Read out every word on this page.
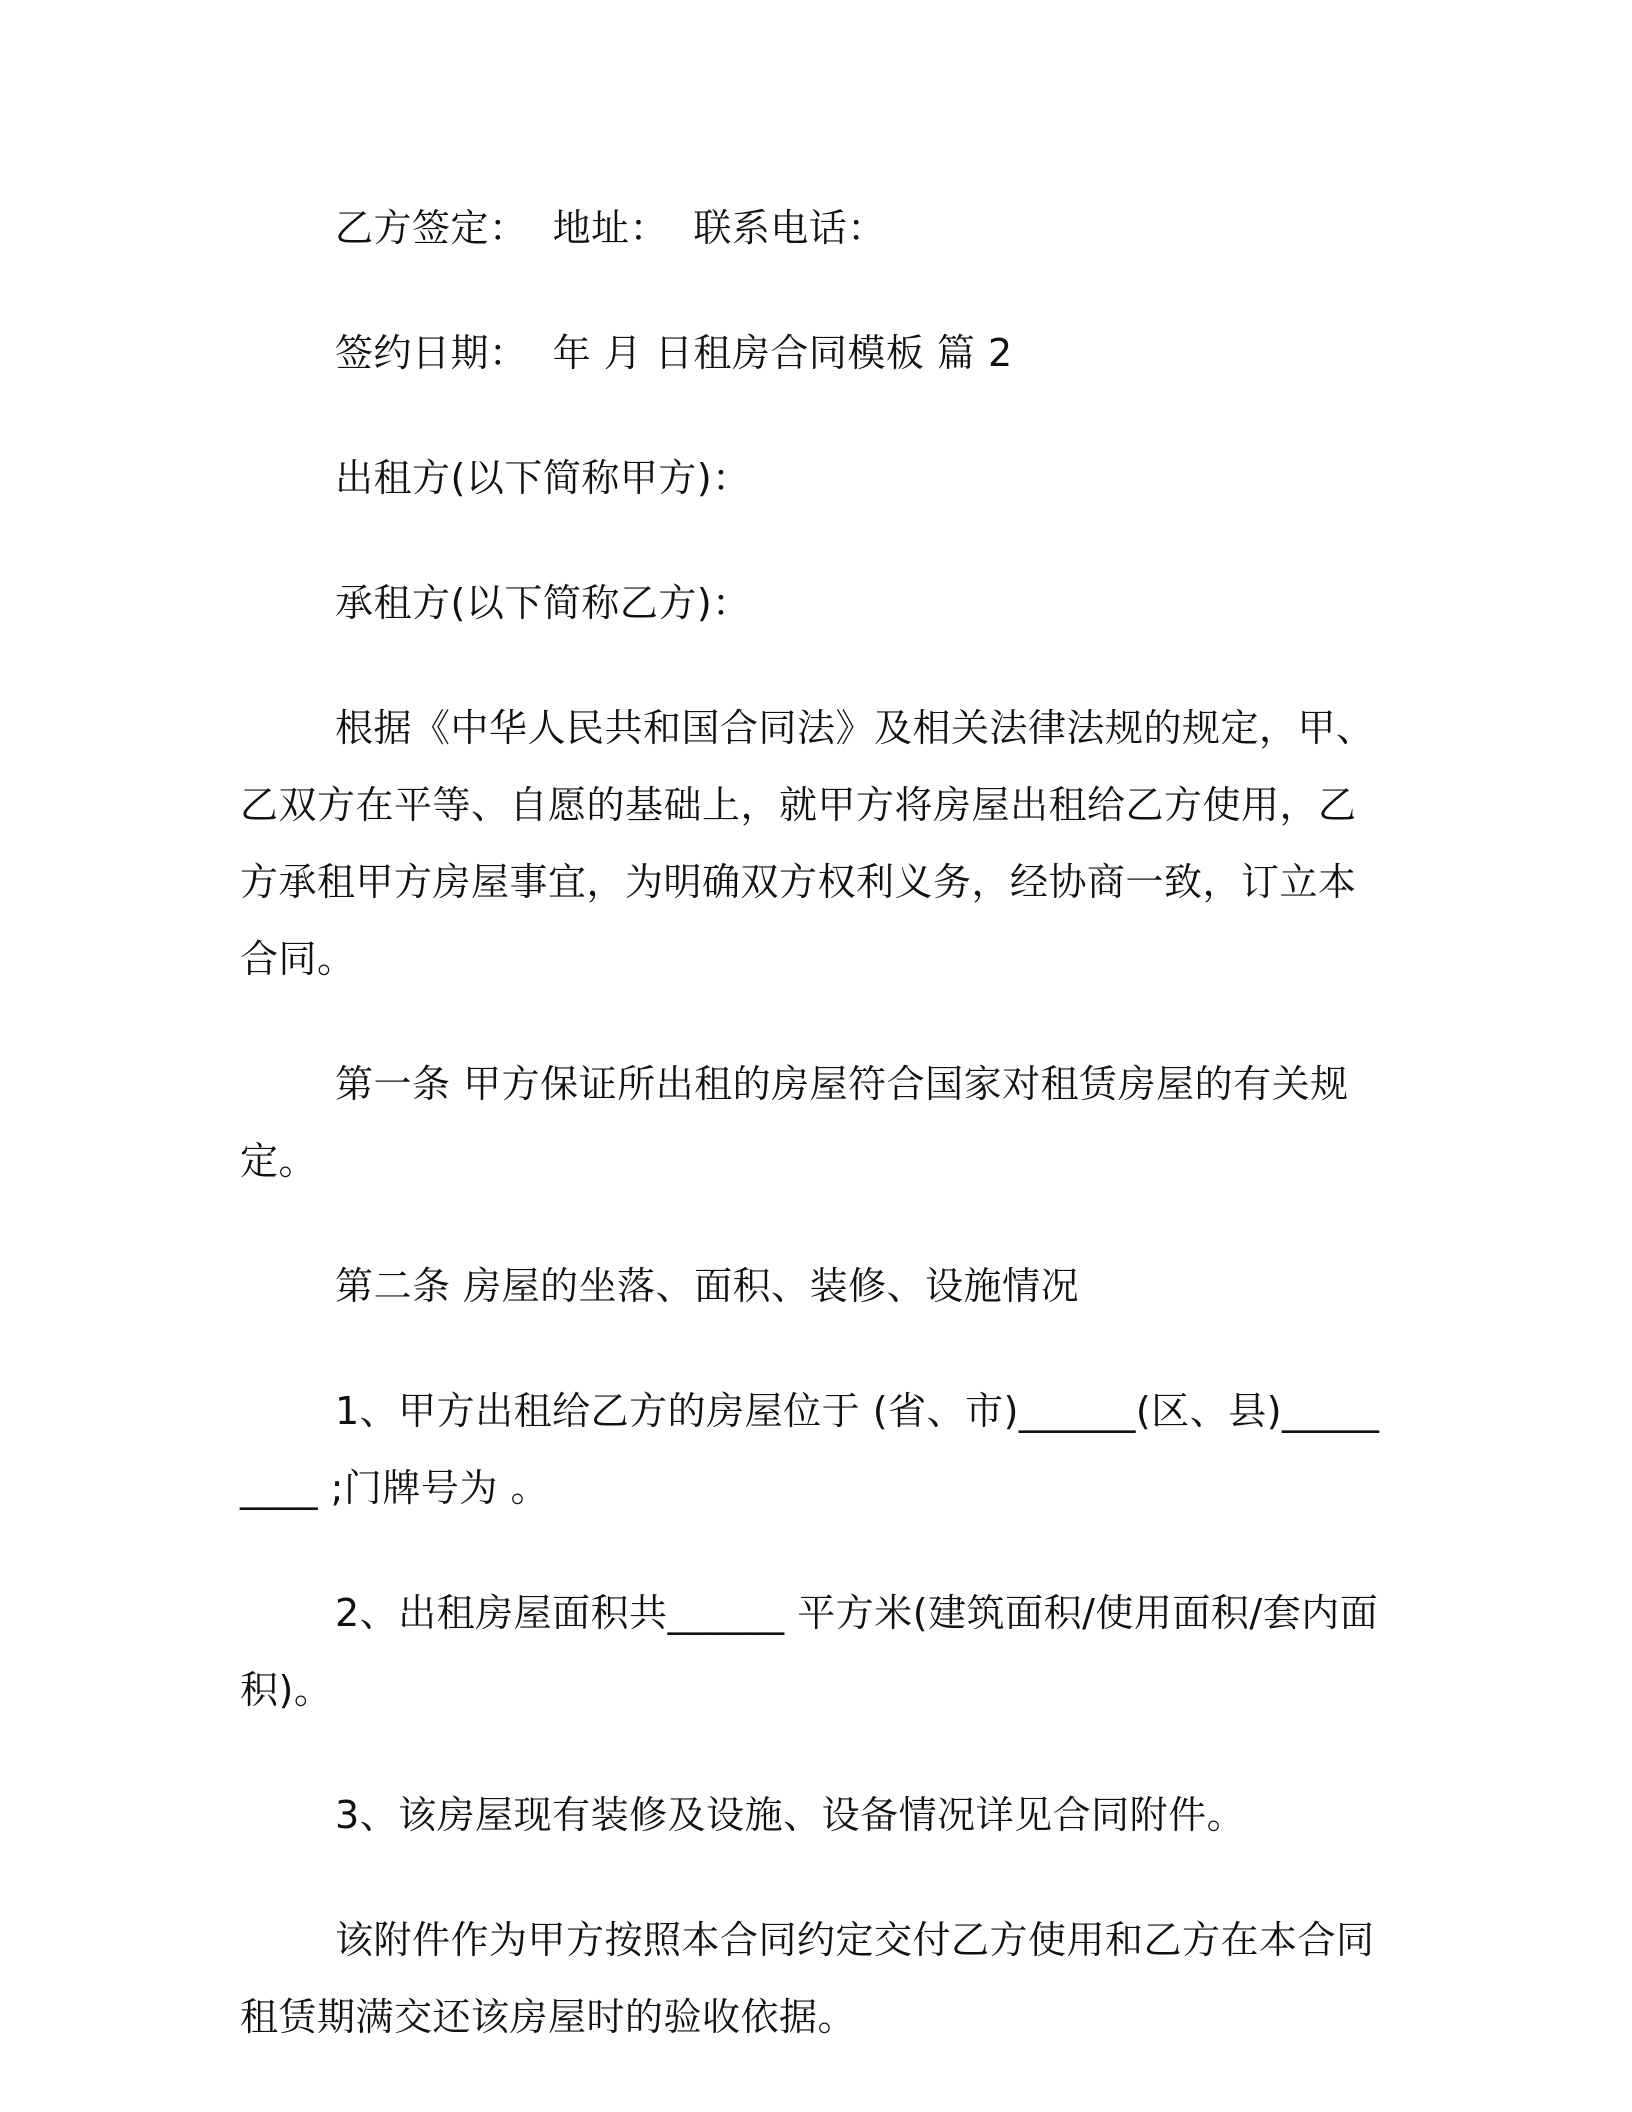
乙方签定：  地址：  联系电话：

签约日期：  年 月 日租房合同模板 篇 2

出租方(以下简称甲方)：

承租方(以下简称乙方)：

根据《中华人民共和国合同法》及相关法律法规的规定，甲、乙双方在平等、自愿的基础上，就甲方将房屋出租给乙方使用，乙方承租甲方房屋事宜，为明确双方权利义务，经协商一致，订立本合同。

第一条 甲方保证所出租的房屋符合国家对租赁房屋的有关规定。

第二条 房屋的坐落、面积、装修、设施情况

1、甲方出租给乙方的房屋位于 (省、市)______(区、县)_________ ;门牌号为 。

2、出租房屋面积共______ 平方米(建筑面积/使用面积/套内面积)。

3、该房屋现有装修及设施、设备情况详见合同附件。

该附件作为甲方按照本合同约定交付乙方使用和乙方在本合同租赁期满交还该房屋时的验收依据。
